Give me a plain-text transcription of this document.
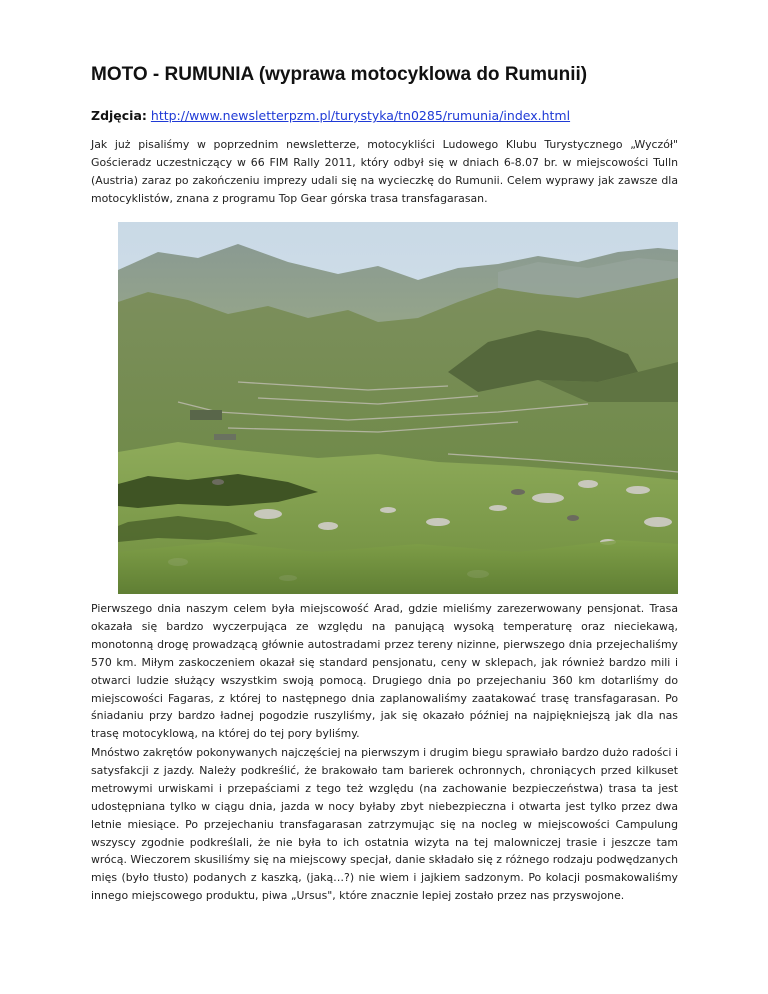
MOTO - RUMUNIA (wyprawa motocyklowa do Rumunii)
Zdjęcia: http://www.newsletterpzm.pl/turystyka/tn0285/rumunia/index.html

Jak już pisaliśmy w poprzednim newsletterze, motocykliści Ludowego Klubu Turystycznego „Wyczół" Gościeradz uczestniczący w 66 FIM Rally 2011, który odbył się w dniach 6-8.07 br. w miejscowości Tulln (Austria) zaraz po zakończeniu imprezy udali się na wycieczkę do Rumunii. Celem wyprawy jak zawsze dla motocyklistów, znana z programu Top Gear górska trasa transfagarasan.

Pierwszego dnia naszym celem była miejscowość Arad, gdzie mieliśmy zarezerwowany pensjonat. Trasa okazała się bardzo wyczerpująca ze względu na panującą wysoką temperaturę oraz nieciekawą, monotonną drogę prowadzącą głównie autostradami przez tereny nizinne, pierwszego dnia przejechaliśmy 570 km. Miłym zaskoczeniem okazał się standard pensjonatu, ceny w sklepach, jak również bardzo mili i otwarci ludzie służący wszystkim swoją pomocą. Drugiego dnia po przejechaniu 360 km dotarliśmy do miejscowości Fagaras, z której to następnego dnia zaplanowaliśmy zaatakować trasę transfagarasan. Po śniadaniu przy bardzo ładnej pogodzie ruszyliśmy, jak się okazało później na najpiękniejszą jak dla nas trasę motocyklową, na której do tej pory byliśmy.

Mnóstwo zakrętów pokonywanych najczęściej na pierwszym i drugim biegu sprawiało bardzo dużo radości i satysfakcji z jazdy. Należy podkreślić, że brakowało tam barierek ochronnych, chroniących przed kilkuset metrowymi urwiskami i przepaściami z tego też względu (na zachowanie bezpieczeństwa) trasa ta jest udostępniana tylko w ciągu dnia, jazda w nocy byłaby zbyt niebezpieczna i otwarta jest tylko przez dwa letnie miesiące. Po przejechaniu transfagarasan zatrzymując się na nocleg w miejscowości Campulung wszyscy zgodnie podkreślali, że nie była to ich ostatnia wizyta na tej malowniczej trasie i jeszcze tam wrócą. Wieczorem skusiliśmy się na miejscowy specjał, danie składało się z różnego rodzaju podwędzanych mięs (było tłusto) podanych z kaszką, (jaką…?) nie wiem i jajkiem sadzonym. Po kolacji posmakowaliśmy innego miejscowego produktu, piwa „Ursus", które znacznie lepiej zostało przez nas przyswojone.
